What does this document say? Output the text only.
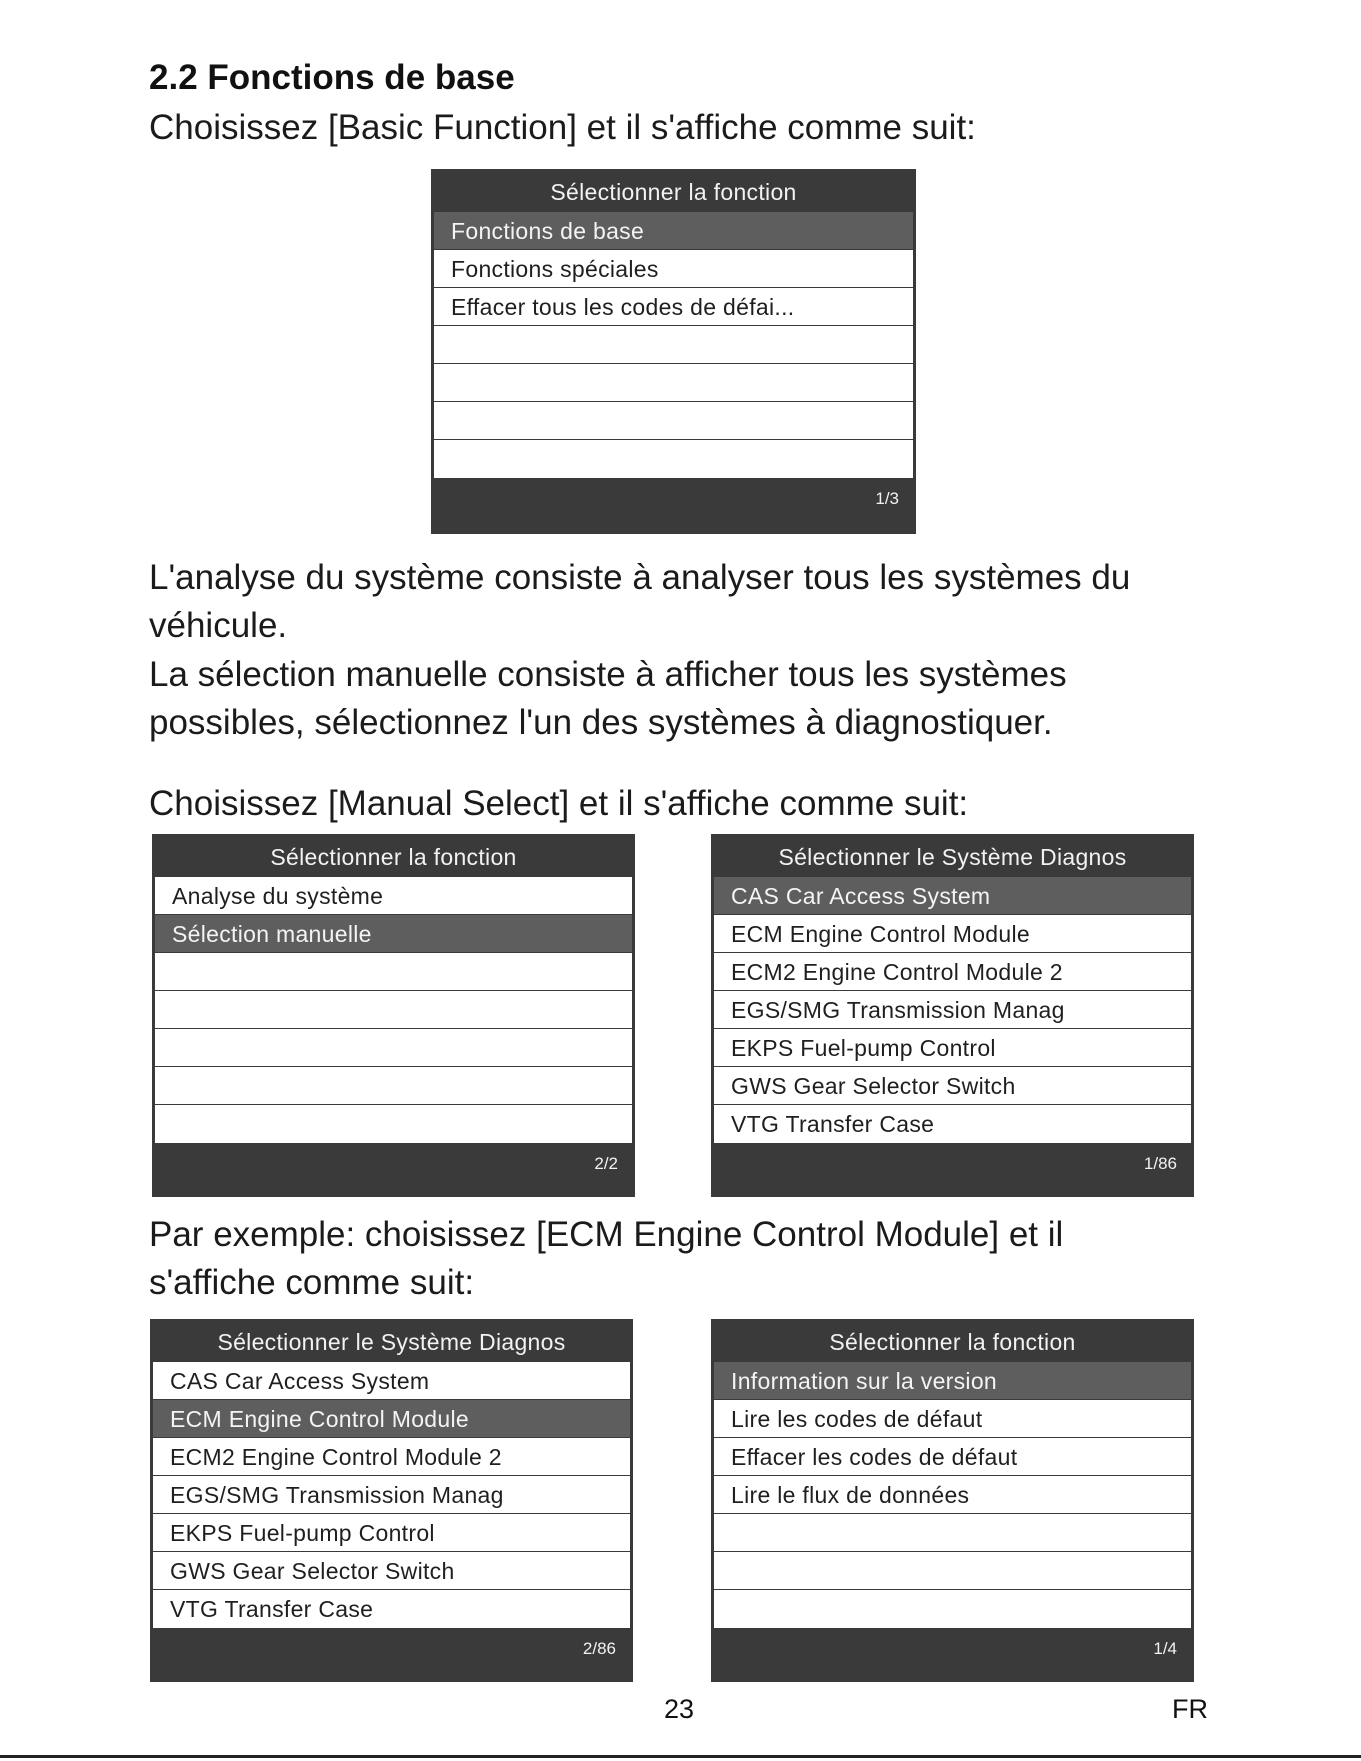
2.2 Fonctions de base
Choisissez [Basic Function] et il s'affiche comme suit:
Sélectionner la fonction
Fonctions de base
Fonctions spéciales
Effacer tous les codes de défai...
1/3
L'analyse du système consiste à analyser tous les systèmes du
véhicule.
La sélection manuelle consiste à afficher tous les systèmes
possibles, sélectionnez l'un des systèmes à diagnostiquer.
Choisissez [Manual Select] et il s'affiche comme suit:
Sélectionner la fonction
Analyse du système
Sélection manuelle
2/2
Sélectionner le Système Diagnos
CAS Car Access System
ECM Engine Control Module
ECM2 Engine Control Module 2
EGS/SMG Transmission Manag
EKPS Fuel-pump Control
GWS Gear Selector Switch
VTG Transfer Case
1/86
Par exemple: choisissez [ECM Engine Control Module] et il
s'affiche comme suit:
Sélectionner le Système Diagnos
CAS Car Access System
ECM Engine Control Module
ECM2 Engine Control Module 2
EGS/SMG Transmission Manag
EKPS Fuel-pump Control
GWS Gear Selector Switch
VTG Transfer Case
2/86
Sélectionner la fonction
Information sur la version
Lire les codes de défaut
Effacer les codes de défaut
Lire le flux de données
1/4
23	FR
